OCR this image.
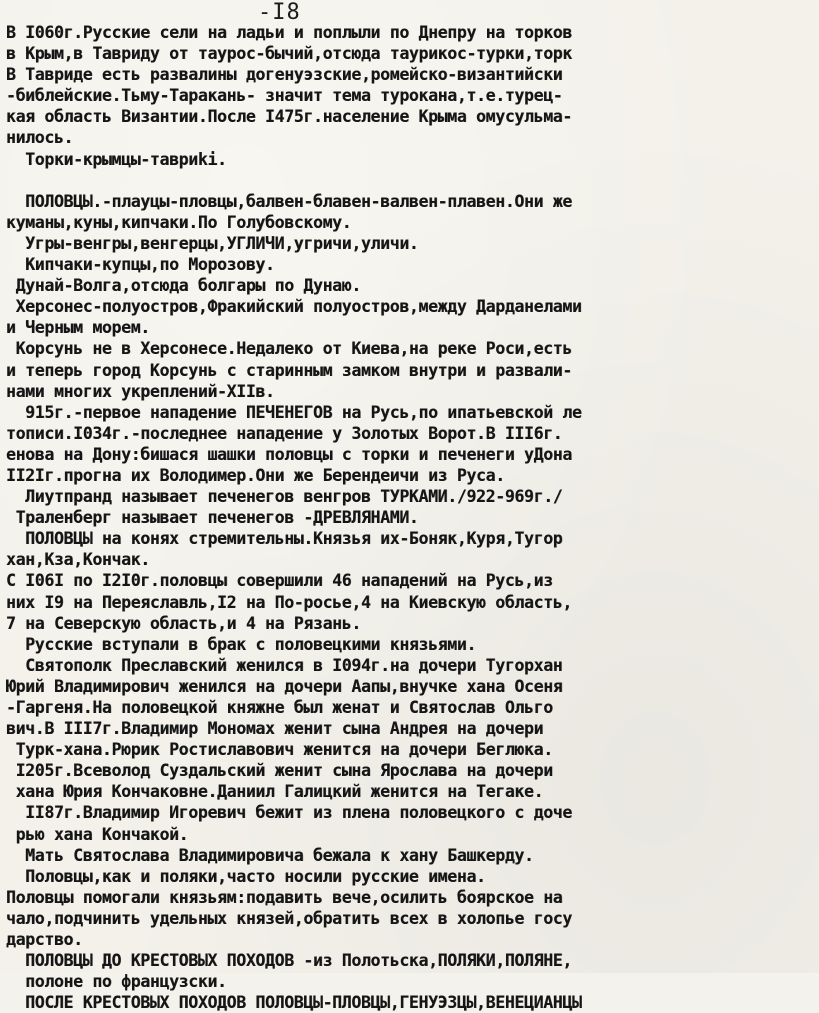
-I8
В I060г.Русские сели на ладьи и поплыли по Днепру на торков
в Крым,в Тавриду от таурос-бычий,отсюда таурикос-турки,торк
В Тавриде есть развалины догенуэзские,ромейско-византийски
-библейские.Тьму-Таракань- значит тема туроканa,т.е.турец-
кая область Византии.После I475г.население Крыма омусульма-
нилось.
Торки-крымцы-тавриki.
ПОЛОВЦЫ.-плауцы-пловцы,балвен-блавен-валвен-плавен.Они же
куманы,куны,кипчаки.По Голубовскому.
Угры-венгры,венгерцы,УГЛИЧИ,угричи,уличи.
Кипчаки-купцы,по Морозову.
Дунай-Волга,отсюда болгары по Дунаю.
Херсонес-полуостров,Фракийский полуостров,между Дарданелами
и Черным морем.
Корсунь не в Херсонесе.Недалеко от Киева,на реке Роси,есть
и теперь город Корсунь с старинным замком внутри и развали-
нами многих укреплений-XIIв.
915г.-первое нападение ПЕЧЕНЕГОВ на Русь,по ипатьевской ле
тописи.I034г.-последнее нападение у Золотых Ворот.В III6г.
енова на Дону:бишася шашки половцы с торки и печенеги уДона
II2Iг.прогна их Володимер.Они же Берендеичи из Руса.
Лиутпранд называет печенегов венгров ТУРКАМИ./922-969г./
Траленберг называет печенегов -ДРЕВЛЯНАМИ.
ПОЛОВЦЫ на конях стремительны.Князья их-Боняк,Куря,Тугор
хан,Кза,Кончак.
С I06I по I2I0г.половцы совершили 46 нападений на Русь,из
них I9 на Переяславль,I2 на По-росье,4 на Киевскую область,
7 на Северскую область,и 4 на Рязань.
Русские вступали в брак с половецкими князьями.
Святополк Преславский женился в I094г.на дочери Тугорхан
Юрий Владимирович женился на дочери Аапы,внучке хана Осеня
-Гаргеня.На половецкой княжне был женат и Святослав Ольго
вич.В III7г.Владимир Мономах женит сына Андрея на дочери
Турк-хана.Рюрик Ростиславович женится на дочери Беглюка.
I205г.Всеволод Суздальский женит сына Ярослава на дочери
хана Юрия Кончаковне.Даниил Галицкий женится на Тегаке.
II87г.Владимир Игоревич бежит из плена половецкого с доче
рью хана Кончакой.
Мать Святослава Владимировича бежала к хану Башкерду.
Половцы,как и поляки,часто носили русские имена.
Половцы помогали князьям:подавить вече,осилить боярское на
чало,подчинить удельных князей,обратить всех в холопье госу
дарство.
ПОЛОВЦЫ ДО КРЕСТОВЫХ ПОХОДОВ -из Полотьска,ПОЛЯКИ,ПОЛЯНЕ,
полоне по французски.
ПОСЛЕ КРЕСТОВЫХ ПОХОДОВ ПОЛОВЦЫ-ПЛОВЦЫ,ГЕНУЭЗЦЫ,ВЕНЕЦИАНЦЫ
